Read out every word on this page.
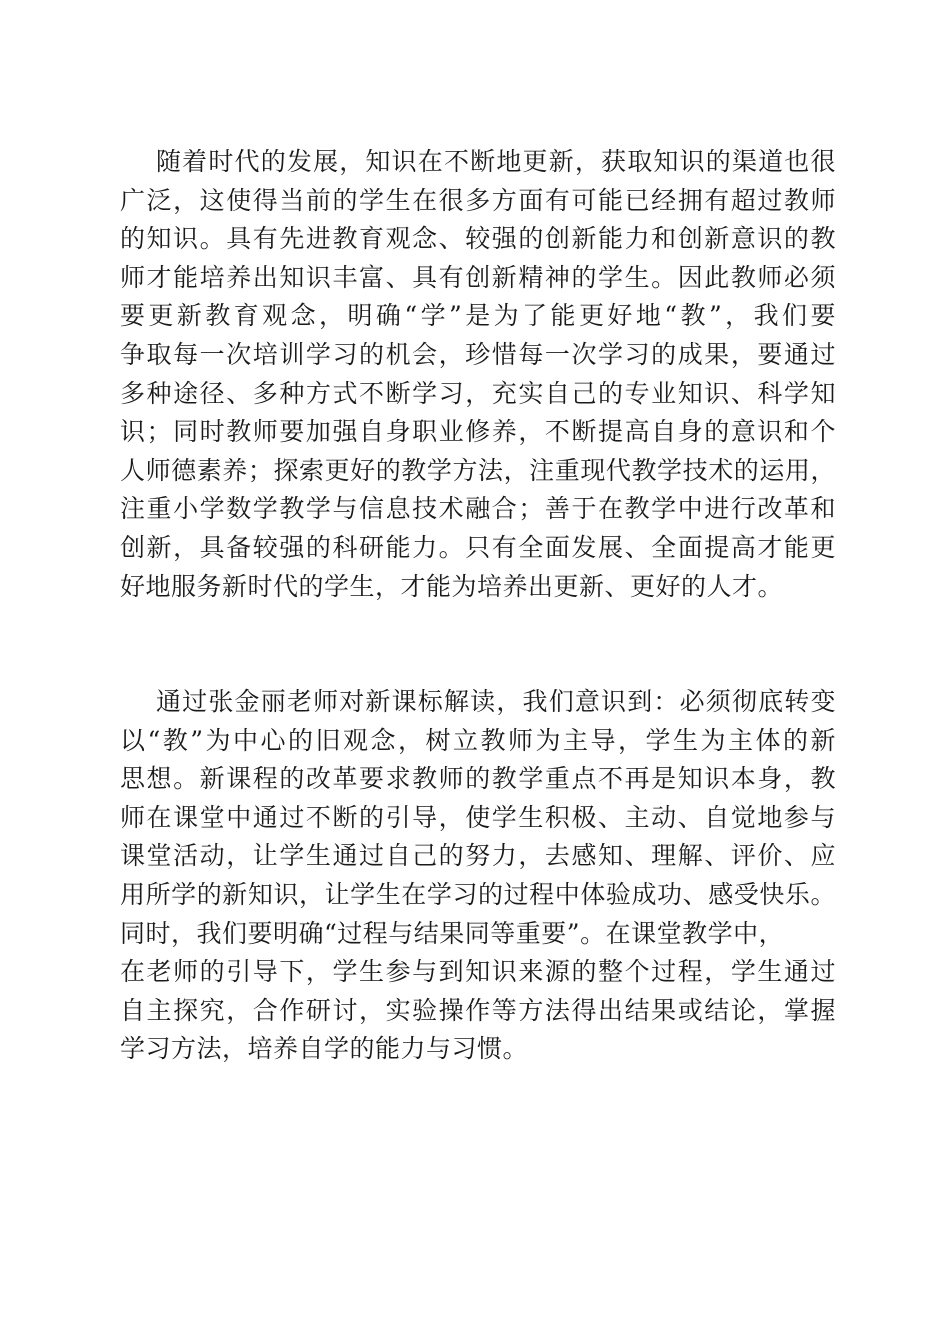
随着时代的发展，知识在不断地更新，获取知识的渠道也很
广泛，这使得当前的学生在很多方面有可能已经拥有超过教师
的知识。具有先进教育观念、较强的创新能力和创新意识的教
师才能培养出知识丰富、具有创新精神的学生。因此教师必须
要更新教育观念，明确“学”是为了能更好地“教”，我们要
争取每一次培训学习的机会，珍惜每一次学习的成果，要通过
多种途径、多种方式不断学习，充实自己的专业知识、科学知
识；同时教师要加强自身职业修养，不断提高自身的意识和个
人师德素养；探索更好的教学方法，注重现代教学技术的运用，
注重小学数学教学与信息技术融合；善于在教学中进行改革和
创新，具备较强的科研能力。只有全面发展、全面提高才能更
好地服务新时代的学生，才能为培养出更新、更好的人才。
通过张金丽老师对新课标解读，我们意识到：必须彻底转变
以“教”为中心的旧观念，树立教师为主导，学生为主体的新
思想。新课程的改革要求教师的教学重点不再是知识本身，教
师在课堂中通过不断的引导，使学生积极、主动、自觉地参与
课堂活动，让学生通过自己的努力，去感知、理解、评价、应
用所学的新知识，让学生在学习的过程中体验成功、感受快乐。
同时，我们要明确“过程与结果同等重要”。在课堂教学中，
在老师的引导下，学生参与到知识来源的整个过程，学生通过
自主探究，合作研讨，实验操作等方法得出结果或结论，掌握
学习方法，培养自学的能力与习惯。
